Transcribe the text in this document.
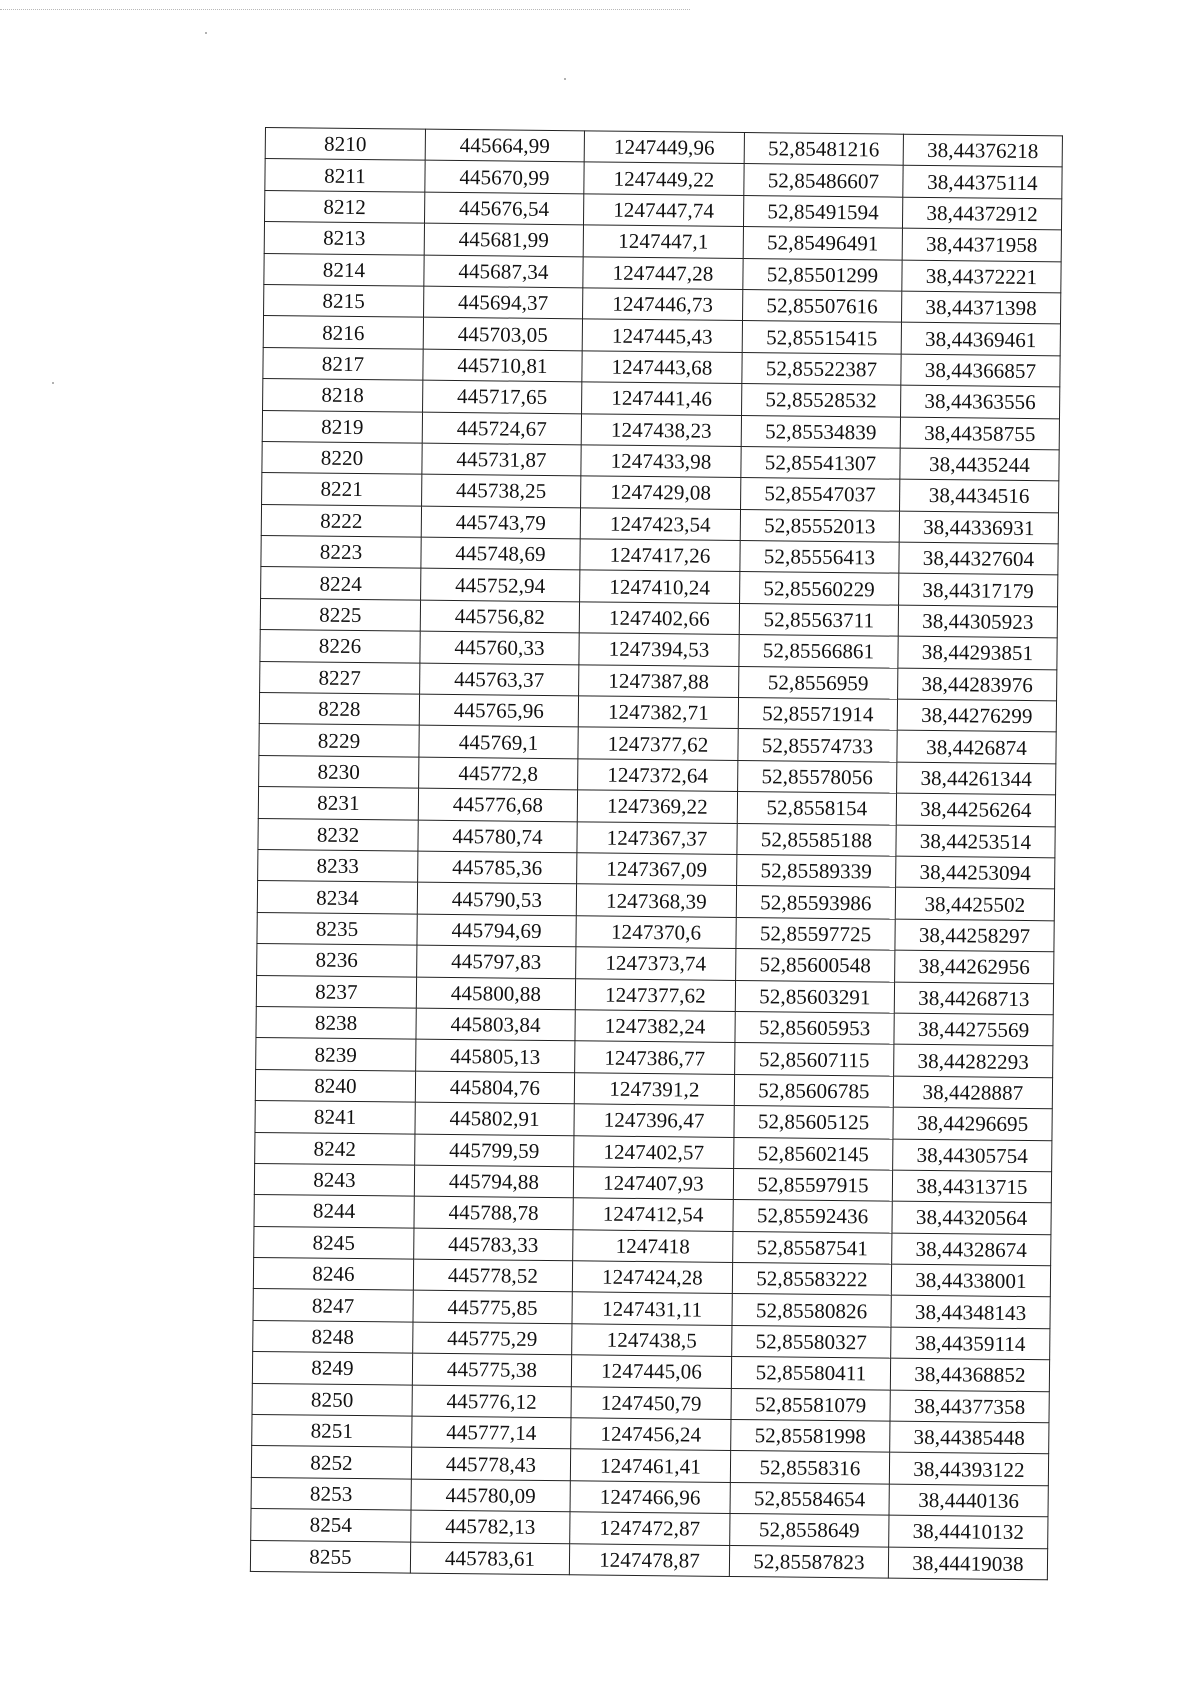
8210	445664,99	1247449,96	52,85481216	38,44376218
8211	445670,99	1247449,22	52,85486607	38,44375114
8212	445676,54	1247447,74	52,85491594	38,44372912
8213	445681,99	1247447,1	52,85496491	38,44371958
8214	445687,34	1247447,28	52,85501299	38,44372221
8215	445694,37	1247446,73	52,85507616	38,44371398
8216	445703,05	1247445,43	52,85515415	38,44369461
8217	445710,81	1247443,68	52,85522387	38,44366857
8218	445717,65	1247441,46	52,85528532	38,44363556
8219	445724,67	1247438,23	52,85534839	38,44358755
8220	445731,87	1247433,98	52,85541307	38,4435244
8221	445738,25	1247429,08	52,85547037	38,4434516
8222	445743,79	1247423,54	52,85552013	38,44336931
8223	445748,69	1247417,26	52,85556413	38,44327604
8224	445752,94	1247410,24	52,85560229	38,44317179
8225	445756,82	1247402,66	52,85563711	38,44305923
8226	445760,33	1247394,53	52,85566861	38,44293851
8227	445763,37	1247387,88	52,8556959	38,44283976
8228	445765,96	1247382,71	52,85571914	38,44276299
8229	445769,1	1247377,62	52,85574733	38,4426874
8230	445772,8	1247372,64	52,85578056	38,44261344
8231	445776,68	1247369,22	52,8558154	38,44256264
8232	445780,74	1247367,37	52,85585188	38,44253514
8233	445785,36	1247367,09	52,85589339	38,44253094
8234	445790,53	1247368,39	52,85593986	38,4425502
8235	445794,69	1247370,6	52,85597725	38,44258297
8236	445797,83	1247373,74	52,85600548	38,44262956
8237	445800,88	1247377,62	52,85603291	38,44268713
8238	445803,84	1247382,24	52,85605953	38,44275569
8239	445805,13	1247386,77	52,85607115	38,44282293
8240	445804,76	1247391,2	52,85606785	38,4428887
8241	445802,91	1247396,47	52,85605125	38,44296695
8242	445799,59	1247402,57	52,85602145	38,44305754
8243	445794,88	1247407,93	52,85597915	38,44313715
8244	445788,78	1247412,54	52,85592436	38,44320564
8245	445783,33	1247418	52,85587541	38,44328674
8246	445778,52	1247424,28	52,85583222	38,44338001
8247	445775,85	1247431,11	52,85580826	38,44348143
8248	445775,29	1247438,5	52,85580327	38,44359114
8249	445775,38	1247445,06	52,85580411	38,44368852
8250	445776,12	1247450,79	52,85581079	38,44377358
8251	445777,14	1247456,24	52,85581998	38,44385448
8252	445778,43	1247461,41	52,8558316	38,44393122
8253	445780,09	1247466,96	52,85584654	38,4440136
8254	445782,13	1247472,87	52,8558649	38,44410132
8255	445783,61	1247478,87	52,85587823	38,44419038
